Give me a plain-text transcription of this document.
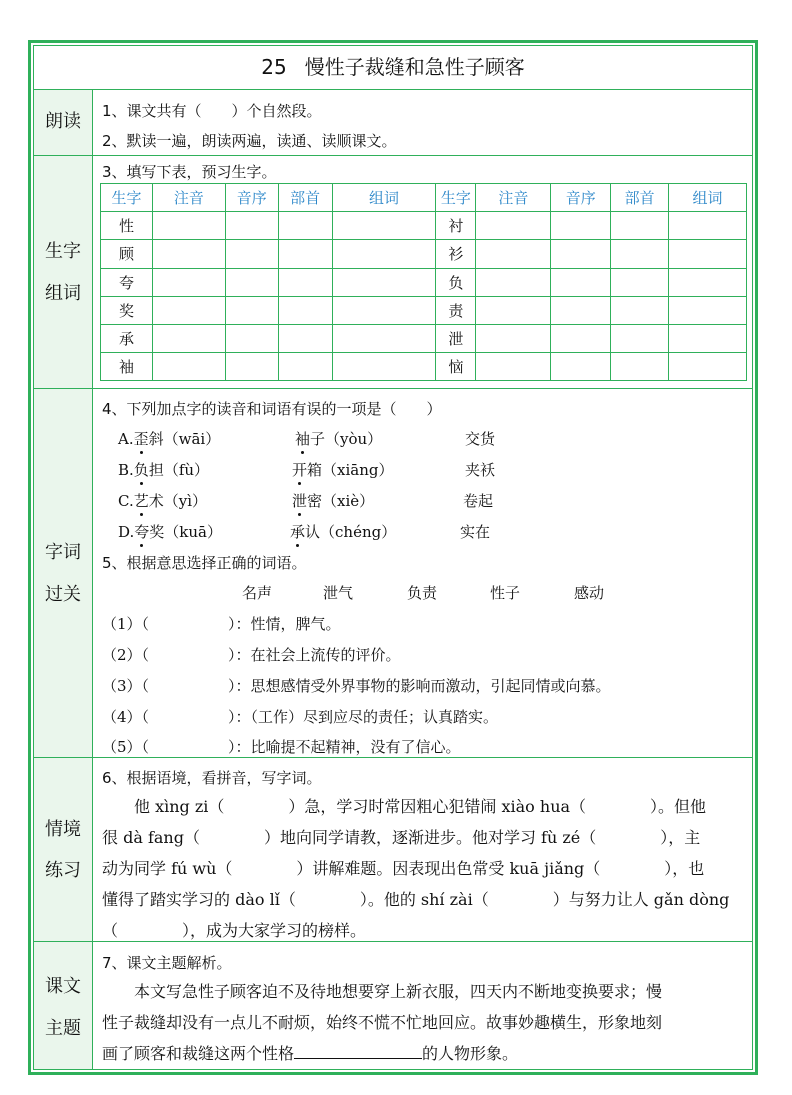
25 慢性子裁缝和急性子顾客
朗读	1、课文共有（　　）个自然段。
2、默读一遍，朗读两遍，读通、读顺课文。
生字
组词
3、填写下表，预习生字。
生字	注音	音序	部首	组词	生字	注音	音序	部首	组词
性					衬				
顾					衫				
夸					负				
奖					责				
承					泄				
袖					恼				
字词
过关
4、下列加点字的读音和词语有误的一项是（　　）
A.歪斜（wāi）	袖子（yòu）	交货
B.负担（fù）	开箱（xiāng）	夹袄
C.艺术（yì）	泄密（xiè）	卷起
D.夸奖（kuā）	承认（chéng）	实在
5、根据意思选择正确的词语。
名声	泄气	负责	性子	感动
（1）（	）：性情，脾气。
（2）（	）：在社会上流传的评价。
（3）（	）：思想感情受外界事物的影响而激动，引起同情或向慕。
（4）（	）：（工作）尽到应尽的责任；认真踏实。
（5）（	）：比喻提不起精神，没有了信心。
情境
练习
6、根据语境，看拼音，写字词。
　　他 xìng zi（　　　　）急，学习时常因粗心犯错闹 xiào hua（　　　　）。但他
很 dà fang（　　　　）地向同学请教，逐渐进步。他对学习 fù zé（　　　　），主
动为同学 fú wù（　　　　）讲解难题。因表现出色常受 kuā jiǎng（　　　　），也
懂得了踏实学习的 dào lǐ（　　　　）。他的 shí zài（　　　　）与努力让人 gǎn dòng
（　　　　），成为大家学习的榜样。
课文
主题
7、课文主题解析。
　　本文写急性子顾客迫不及待地想要穿上新衣服，四天内不断地变换要求；慢
性子裁缝却没有一点儿不耐烦，始终不慌不忙地回应。故事妙趣横生，形象地刻
画了顾客和裁缝这两个性格	的人物形象。
